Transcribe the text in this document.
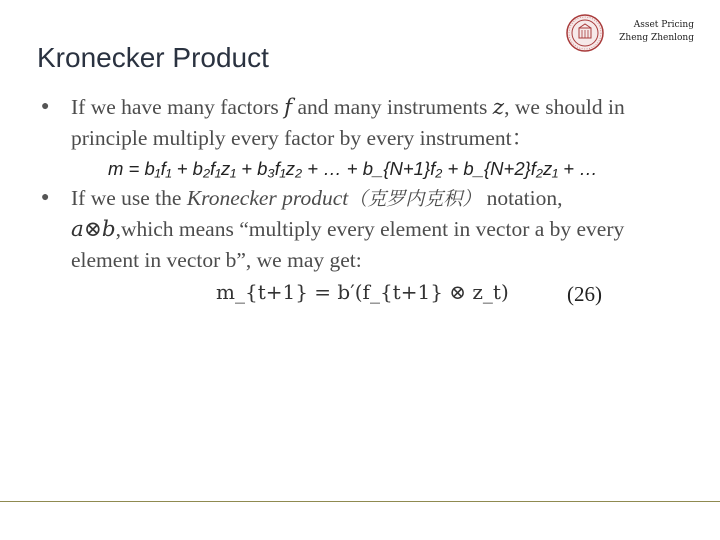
Asset Pricing
Zheng Zhenlong
Kronecker Product
● If we have many factors f and many instruments z, we should in principle multiply every factor by every instrument：
m = b₁f₁ + b₂f₁z₁ + b₃f₁z₂ + … + b_{N+1}f₂ + b_{N+2}f₂z₁ + …
● If we use the Kronecker product（克罗内克积） notation,
a⊗b,which means “multiply every element in vector a by every element in vector b”, we may get:
m_{t+1} = b′(f_{t+1} ⊗ z_t)	(26)
